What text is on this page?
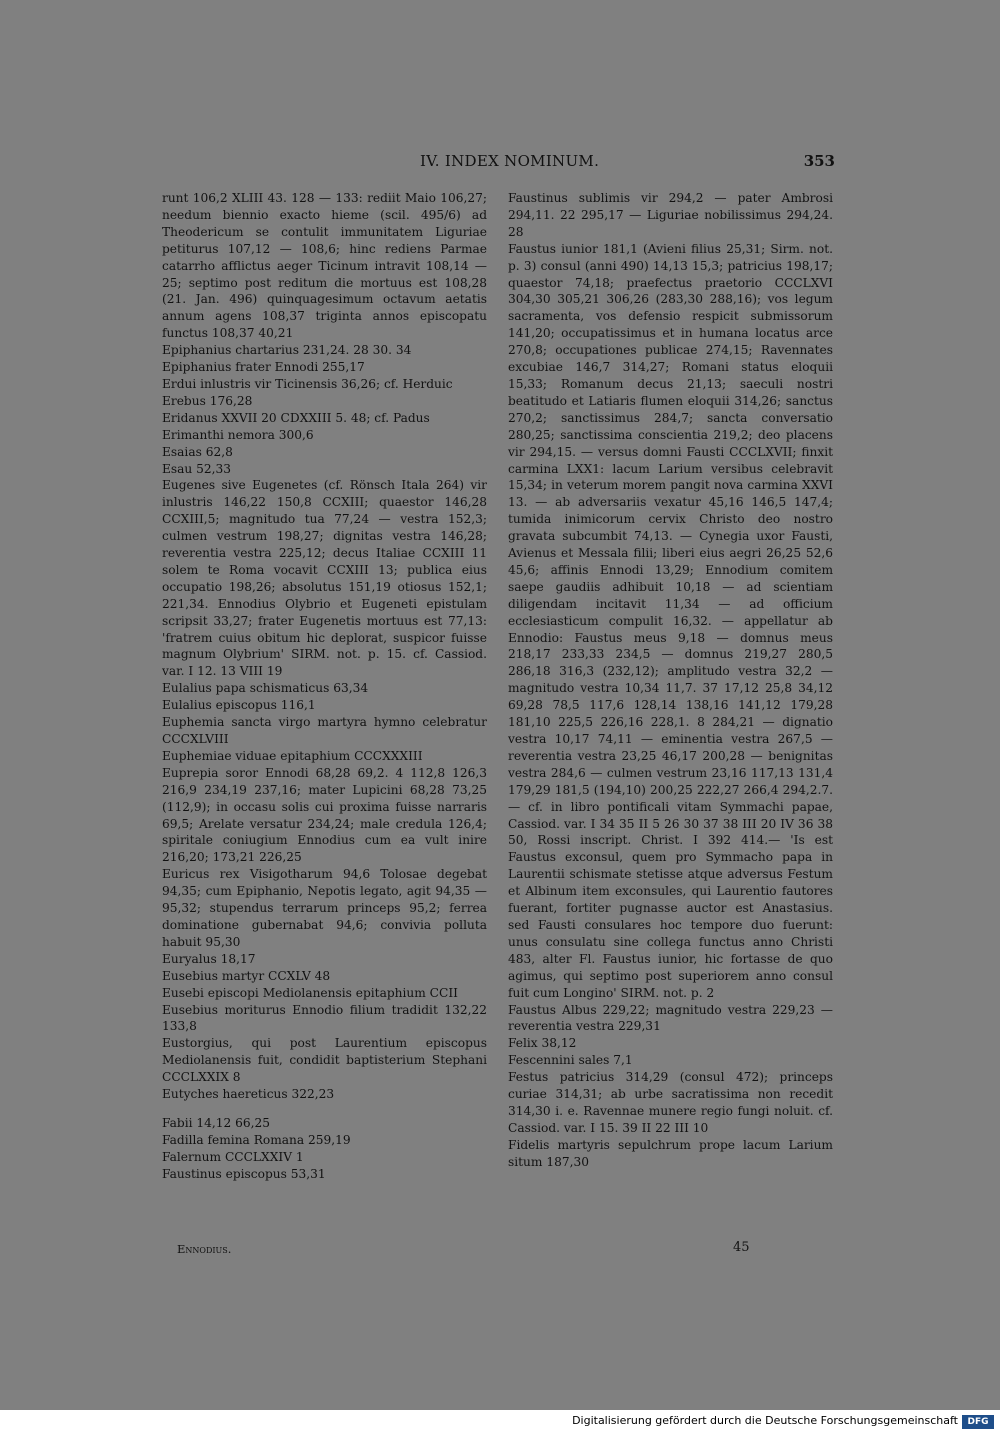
IV. INDEX NOMINUM.	353

runt 106,2 XLIII 43. 128 — 133: rediit Maio 106,27; needum biennio exacto hieme (scil. 495/6) ad Theodericum se contulit immunitatem Liguriae petiturus 107,12 — 108,6; hinc rediens Parmae catarrho afflictus aeger Ticinum intravit 108,14 — 25; septimo post reditum die mortuus est 108,28 (21. Jan. 496) quinquagesimum octavum aetatis annum agens 108,37 triginta annos episcopatu functus 108,37 40,21

Epiphanius chartarius 231,24. 28 30. 34

Epiphanius frater Ennodi 255,17

Erdui inlustris vir Ticinensis 36,26; cf. Herduic

Erebus 176,28

Eridanus XXVII 20 CDXXIII 5. 48; cf. Padus

Erimanthi nemora 300,6

Esaias 62,8

Esau 52,33

Eugenes sive Eugenetes (cf. Rönsch Itala 264) vir inlustris 146,22 150,8 CCXIII; quaestor 146,28 CCXIII,5; magnitudo tua 77,24 — vestra 152,3; culmen vestrum 198,27; dignitas vestra 146,28; reverentia vestra 225,12; decus Italiae CCXIII 11 solem te Roma vocavit CCXIII 13; publica eius occupatio 198,26; absolutus 151,19 otiosus 152,1; 221,34. Ennodius Olybrio et Eugeneti epistulam scripsit 33,27; frater Eugenetis mortuus est 77,13: 'fratrem cuius obitum hic deplorat, suspicor fuisse magnum Olybrium' SIRM. not. p. 15. cf. Cassiod. var. I 12. 13 VIII 19

Eulalius papa schismaticus 63,34

Eulalius episcopus 116,1

Euphemia sancta virgo martyra hymno celebratur CCCXLVIII

Euphemiae viduae epitaphium CCCXXXIII

Euprepia soror Ennodi 68,28 69,2. 4 112,8 126,3 216,9 234,19 237,16; mater Lupicini 68,28 73,25 (112,9); in occasu solis cui proxima fuisse narraris 69,5; Arelate versatur 234,24; male credula 126,4; spiritale coniugium Ennodius cum ea vult inire 216,20; 173,21 226,25

Euricus rex Visigotharum 94,6 Tolosae degebat 94,35; cum Epiphanio, Nepotis legato, agit 94,35 — 95,32; stupendus terrarum princeps 95,2; ferrea dominatione gubernabat 94,6; convivia polluta habuit 95,30

Euryalus 18,17

Eusebius martyr CCXLV 48

Eusebi episcopi Mediolanensis epitaphium CCII

Eusebius moriturus Ennodio filium tradidit 132,22 133,8

Eustorgius, qui post Laurentium episcopus Mediolanensis fuit, condidit baptisterium Stephani CCCLXXIX 8

Eutyches haereticus 322,23

Fabii 14,12 66,25

Fadilla femina Romana 259,19

Falernum CCCLXXIV 1

Faustinus episcopus 53,31

Faustinus sublimis vir 294,2 — pater Ambrosi 294,11. 22 295,17 — Liguriae nobilissimus 294,24. 28

Faustus iunior 181,1 (Avieni filius 25,31; Sirm. not. p. 3) consul (anni 490) 14,13 15,3; patricius 198,17; quaestor 74,18; praefectus praetorio CCCLXVI 304,30 305,21 306,26 (283,30 288,16); vos legum sacramenta, vos defensio respicit submissorum 141,20; occupatissimus et in humana locatus arce 270,8; occupationes publicae 274,15; Ravennates excubiae 146,7 314,27; Romani status eloquii 15,33; Romanum decus 21,13; saeculi nostri beatitudo et Latiaris flumen eloquii 314,26; sanctus 270,2; sanctissimus 284,7; sancta conversatio 280,25; sanctissima conscientia 219,2; deo placens vir 294,15. — versus domni Fausti CCCLXVII; finxit carmina LXX1: lacum Larium versibus celebravit 15,34; in veterum morem pangit nova carmina XXVI 13. — ab adversariis vexatur 45,16 146,5 147,4; tumida inimicorum cervix Christo deo nostro gravata subcumbit 74,13. — Cynegia uxor Fausti, Avienus et Messala filii; liberi eius aegri 26,25 52,6 45,6; affinis Ennodi 13,29; Ennodium comitem saepe gaudiis adhibuit 10,18 — ad scientiam diligendam incitavit 11,34 — ad officium ecclesiasticum compulit 16,32. — appellatur ab Ennodio: Faustus meus 9,18 — domnus meus 218,17 233,33 234,5 — domnus 219,27 280,5 286,18 316,3 (232,12); amplitudo vestra 32,2 — magnitudo vestra 10,34 11,7. 37 17,12 25,8 34,12 69,28 78,5 117,6 128,14 138,16 141,12 179,28 181,10 225,5 226,16 228,1. 8 284,21 — dignatio vestra 10,17 74,11 — eminentia vestra 267,5 — reverentia vestra 23,25 46,17 200,28 — benignitas vestra 284,6 — culmen vestrum 23,16 117,13 131,4 179,29 181,5 (194,10) 200,25 222,27 266,4 294,2.7. — cf. in libro pontificali vitam Symmachi papae, Cassiod. var. I 34 35 II 5 26 30 37 38 III 20 IV 36 38 50, Rossi inscript. Christ. I 392 414.— 'Is est Faustus exconsul, quem pro Symmacho papa in Laurentii schismate stetisse atque adversus Festum et Albinum item exconsules, qui Laurentio fautores fuerant, fortiter pugnasse auctor est Anastasius. sed Fausti consulares hoc tempore duo fuerunt: unus consulatu sine collega functus anno Christi 483, alter Fl. Faustus iunior, hic fortasse de quo agimus, qui septimo post superiorem anno consul fuit cum Longino' SIRM. not. p. 2

Faustus Albus 229,22; magnitudo vestra 229,23 — reverentia vestra 229,31

Felix 38,12

Fescennini sales 7,1

Festus patricius 314,29 (consul 472); princeps curiae 314,31; ab urbe sacratissima non recedit 314,30 i. e. Ravennae munere regio fungi noluit. cf. Cassiod. var. I 15. 39 II 22 III 10

Fidelis martyris sepulchrum prope lacum Larium situm 187,30

Ennodius.	45
Digitalisierung gefördert durch die Deutsche Forschungsgemeinschaft	DFG
